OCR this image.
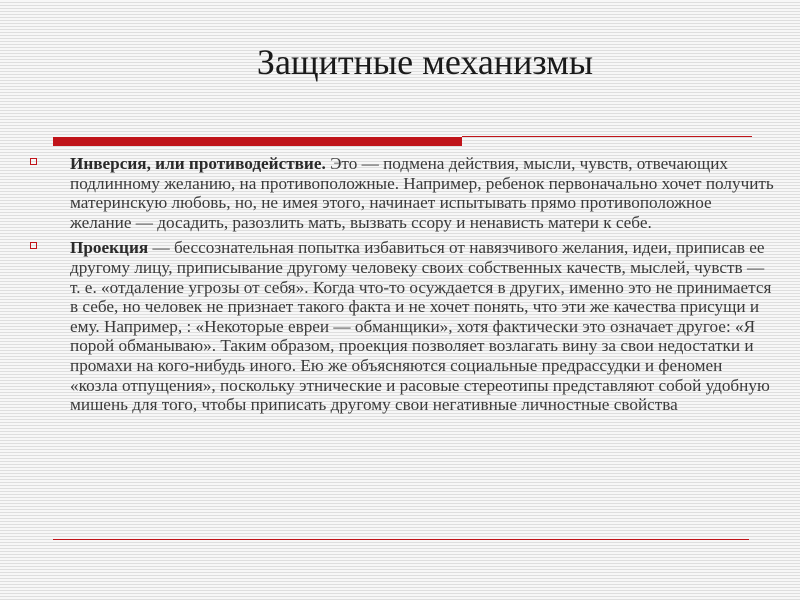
Защитные механизмы
Инверсия, или противодействие. Это — подмена действия, мысли, чувств, отвечающих подлинному желанию, на противоположные. Например, ребенок первоначально хочет получить материнскую любовь, но, не имея этого, начинает испытывать прямо противоположное желание — досадить, разозлить мать, вызвать ссору и ненависть матери к себе.
Проекция — бессознательная попытка избавиться от навязчивого желания, идеи, приписав ее другому лицу, приписывание другому человеку своих собственных качеств, мыслей, чувств — т. е. «отдаление угрозы от себя». Когда что-то осуждается в других, именно это не принимается в себе, но человек не признает такого факта и не хочет понять, что эти же качества присущи и ему. Например, : «Некоторые евреи — обманщики», хотя фактически это означает другое: «Я порой обманываю». Таким образом, проекция позволяет возлагать вину за свои недостатки и промахи на кого-нибудь иного. Ею же объясняются социальные предрассудки и феномен «козла отпущения», поскольку этнические и расовые стереотипы представляют собой удобную мишень для того, чтобы приписать другому свои негативные личностные свойства
